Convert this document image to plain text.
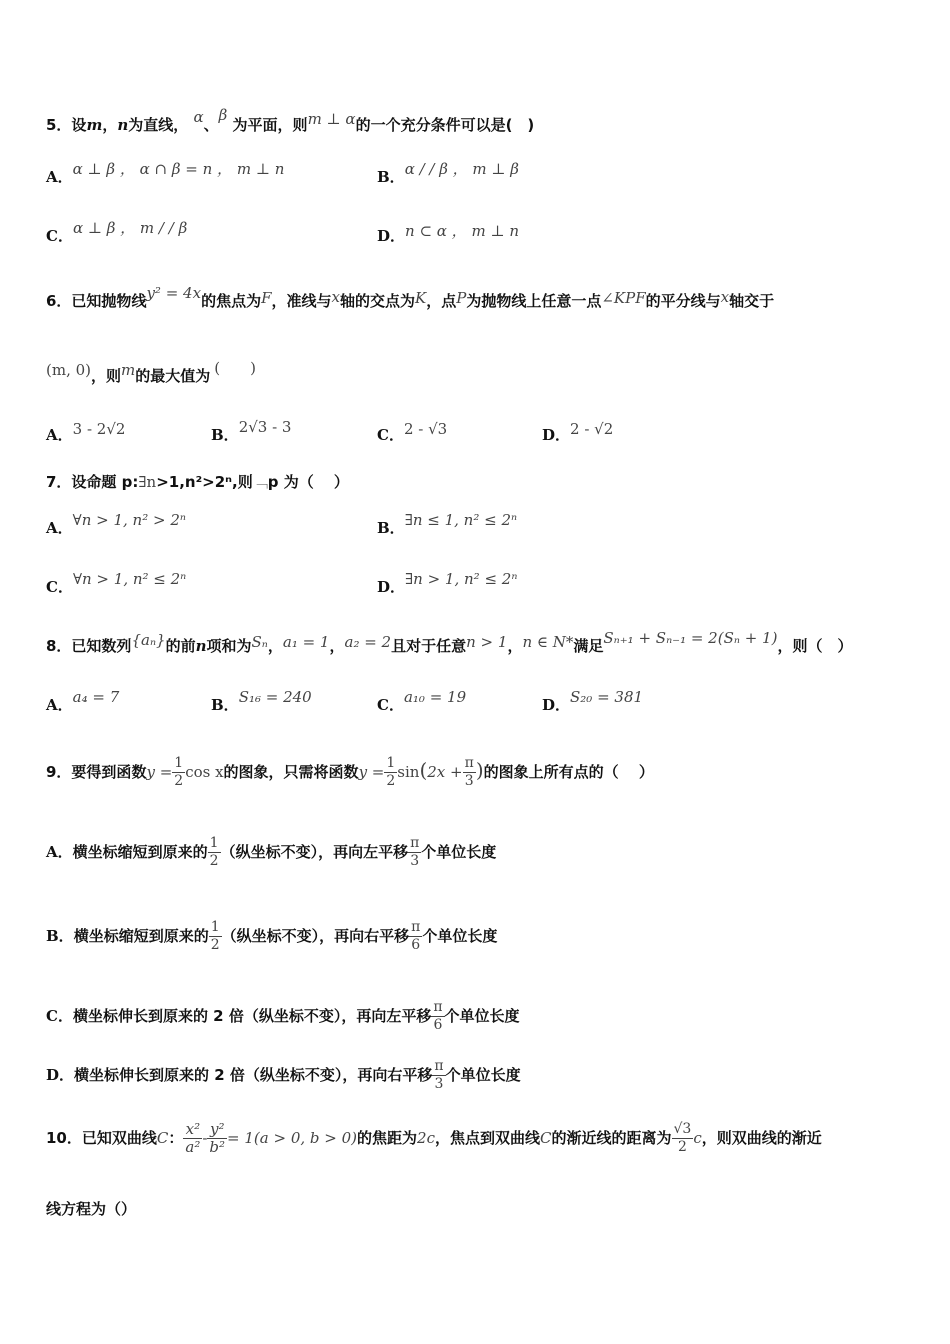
5．设m，n为直线， α、β 为平面，则m ⊥ α的一个充分条件可以是(　)
A．α ⊥ β ， α ∩ β = n ， m ⊥ n	B．α / / β ， m ⊥ β
C．α ⊥ β ， m / / β	D．n ⊂ α ， m ⊥ n
6．已知抛物线y² = 4x的焦点为F，准线与x轴的交点为K，点P为抛物线上任意一点∠KPF的平分线与x轴交于
(m, 0)，则m的最大值为 (　　)
A．3 - 2√2	B．2√3 - 3	C．2 - √3	D．2 - √2
7．设命题 p:∃n>1,n²>2ⁿ,则﹁p 为（　 ）
A．∀n > 1, n² > 2ⁿ	B．∃n ≤ 1, n² ≤ 2ⁿ
C．∀n > 1, n² ≤ 2ⁿ	D．∃n > 1, n² ≤ 2ⁿ
8．已知数列{aₙ}的前n项和为Sₙ，a₁ = 1，a₂ = 2且对于任意n > 1，n ∈ N*满足Sₙ₊₁ + Sₙ₋₁ = 2(Sₙ + 1)，则（　）
A．a₄ = 7	B．S₁₆ = 240	C．a₁₀ = 19	D．S₂₀ = 381
9．要得到函数$y = \frac{1}{2}$ cos x的图象，只需将函数$y = \frac{1}{2} \sin(2x + \frac{\pi}{3}$ )的图象上所有点的（　 ）
A．横坐标缩短到原来的 $\frac{1}{2}$ （纵坐标不变），再向左平移 $\frac{\pi}{3}$ 个单位长度
B．横坐标缩短到原来的 $\frac{1}{2}$ （纵坐标不变），再向右平移 $\frac{\pi}{6}$ 个单位长度
C．横坐标伸长到原来的 2 倍（纵坐标不变），再向左平移 $\frac{\pi}{6}$ 个单位长度
D．横坐标伸长到原来的 2 倍（纵坐标不变），再向右平移 $\frac{\pi}{3}$ 个单位长度
10．已知双曲线C： $\frac{\text{x²}}{\text{a²}} - \frac{\text{y²}}{\text{b²}} = 1(a > 0$, b > 0)的焦距为2c，焦点到双曲线C的渐近线的距离为 $\frac{√3}{2}$ c，则双曲线的渐近
线方程为（）
